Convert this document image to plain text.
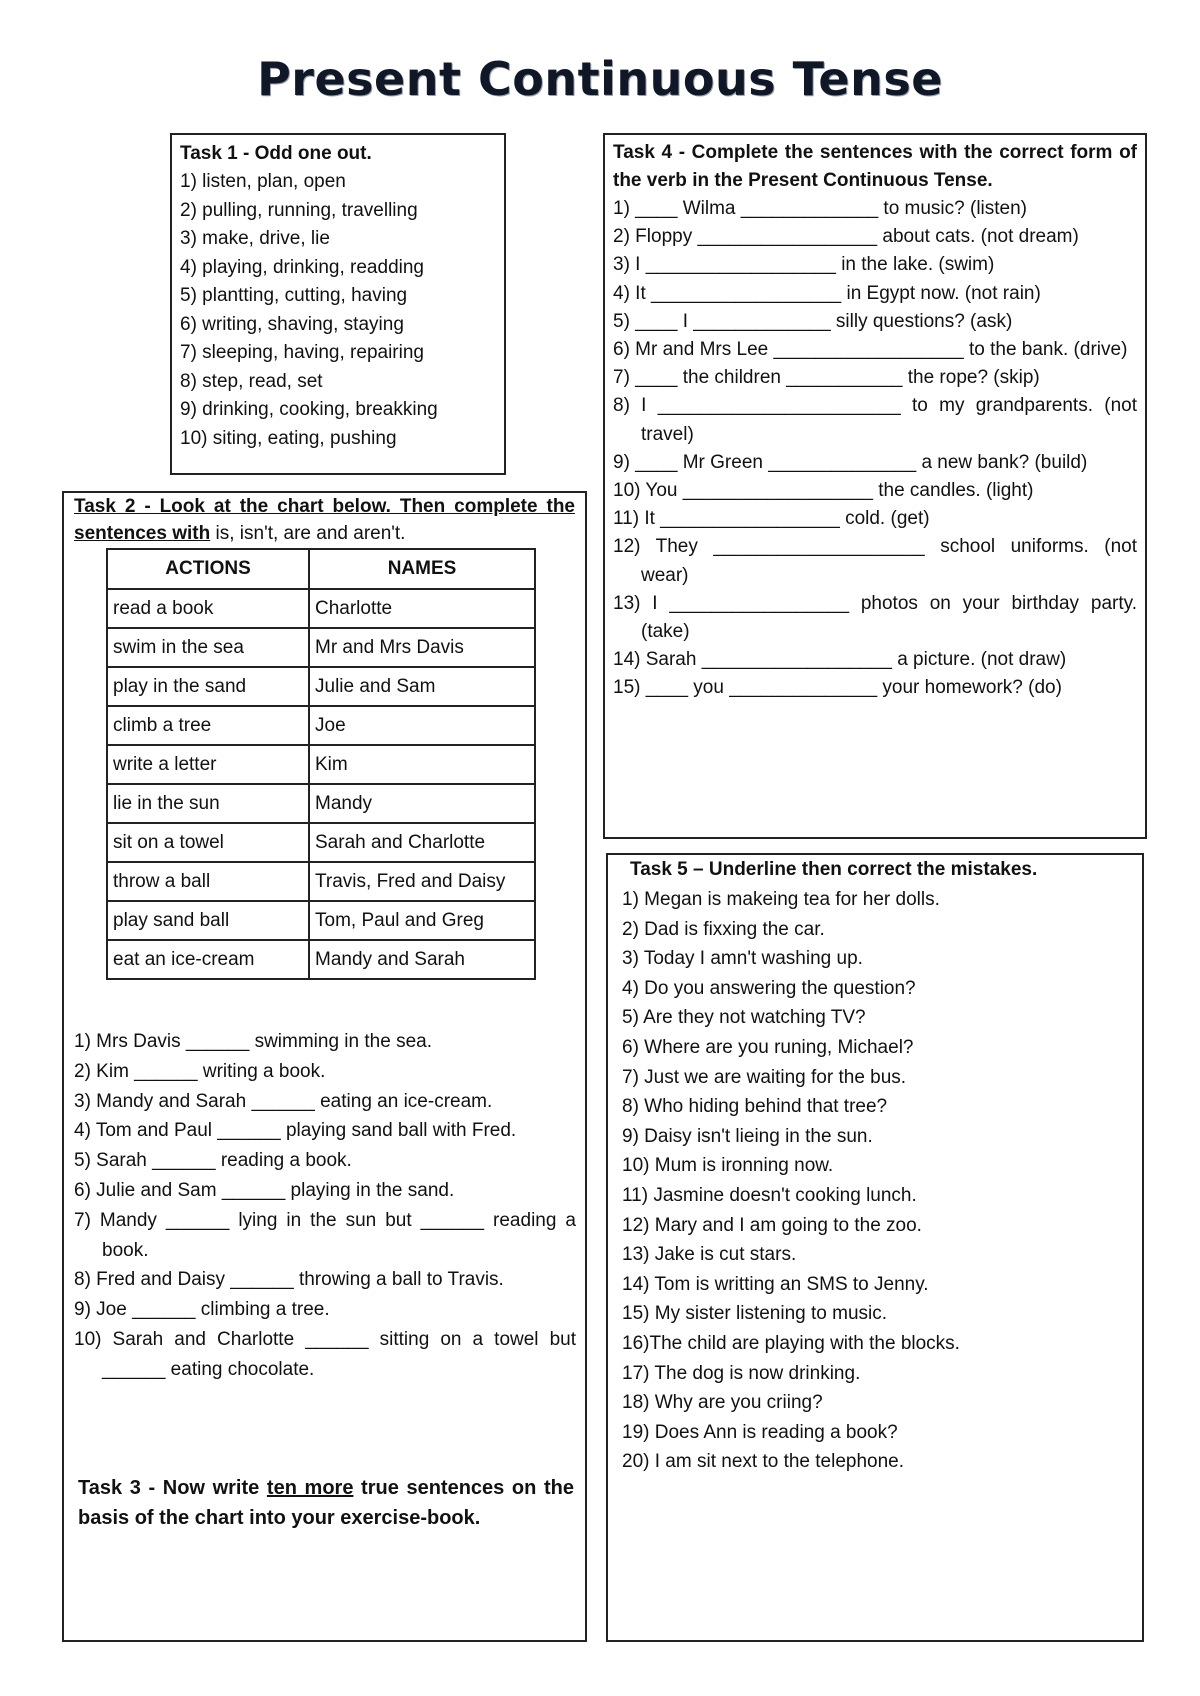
Present Continuous Tense
Task 1 - Odd one out.
1) listen, plan, open
2) pulling, running, travelling
3) make, drive, lie
4) playing, drinking, readding
5) plantting, cutting, having
6) writing, shaving, staying
7) sleeping, having, repairing
8) step, read, set
9) drinking, cooking, breakking
10) siting, eating, pushing
Task 2 - Look at the chart below. Then complete the sentences with is, isn't, are and aren't.
ACTIONS	NAMES
read a book	Charlotte
swim in the sea	Mr and Mrs Davis
play in the sand	Julie and Sam
climb a tree	Joe
write a letter	Kim
lie in the sun	Mandy
sit on a towel	Sarah and Charlotte
throw a ball	Travis, Fred and Daisy
play sand ball	Tom, Paul and Greg
eat an ice-cream	Mandy and Sarah
1) Mrs Davis ______ swimming in the sea.
2) Kim ______ writing a book.
3) Mandy and Sarah ______ eating an ice-cream.
4) Tom and Paul ______ playing sand ball with Fred.
5) Sarah ______ reading a book.
6) Julie and Sam ______ playing in the sand.
7) Mandy ______ lying in the sun but ______ reading a book.
8) Fred and Daisy ______ throwing a ball to Travis.
9) Joe ______ climbing a tree.
10) Sarah and Charlotte ______ sitting on a towel but ______ eating chocolate.
Task 3 - Now write ten more true sentences on the basis of the chart into your exercise-book.
Task 4 - Complete the sentences with the correct form of the verb in the Present Continuous Tense.
1) ____ Wilma _____________ to music? (listen)
2) Floppy _________________ about cats. (not dream)
3) I __________________ in the lake. (swim)
4) It __________________ in Egypt now. (not rain)
5) ____ I _____________ silly questions? (ask)
6) Mr and Mrs Lee __________________ to the bank. (drive)
7) ____ the children ___________ the rope? (skip)
8) I _______________________ to my grandparents. (not travel)
9) ____ Mr Green ______________ a new bank? (build)
10) You __________________ the candles. (light)
11) It _________________ cold. (get)
12) They ____________________ school uniforms. (not wear)
13) I _________________ photos on your birthday party. (take)
14) Sarah __________________ a picture. (not draw)
15) ____ you ______________ your homework? (do)
Task 5 – Underline then correct the mistakes.
1) Megan is makeing tea for her dolls.
2) Dad is fixxing the car.
3) Today I amn't washing up.
4) Do you answering the question?
5) Are they not watching TV?
6) Where are you runing, Michael?
7) Just we are waiting for the bus.
8) Who hiding behind that tree?
9) Daisy isn't lieing in the sun.
10) Mum is ironning now.
11) Jasmine doesn't cooking lunch.
12) Mary and I am going to the zoo.
13) Jake is cut stars.
14) Tom is writting an SMS to Jenny.
15) My sister listening to music.
16)The child are playing with the blocks.
17) The dog is now drinking.
18) Why are you criing?
19) Does Ann is reading a book?
20) I am sit next to the telephone.
